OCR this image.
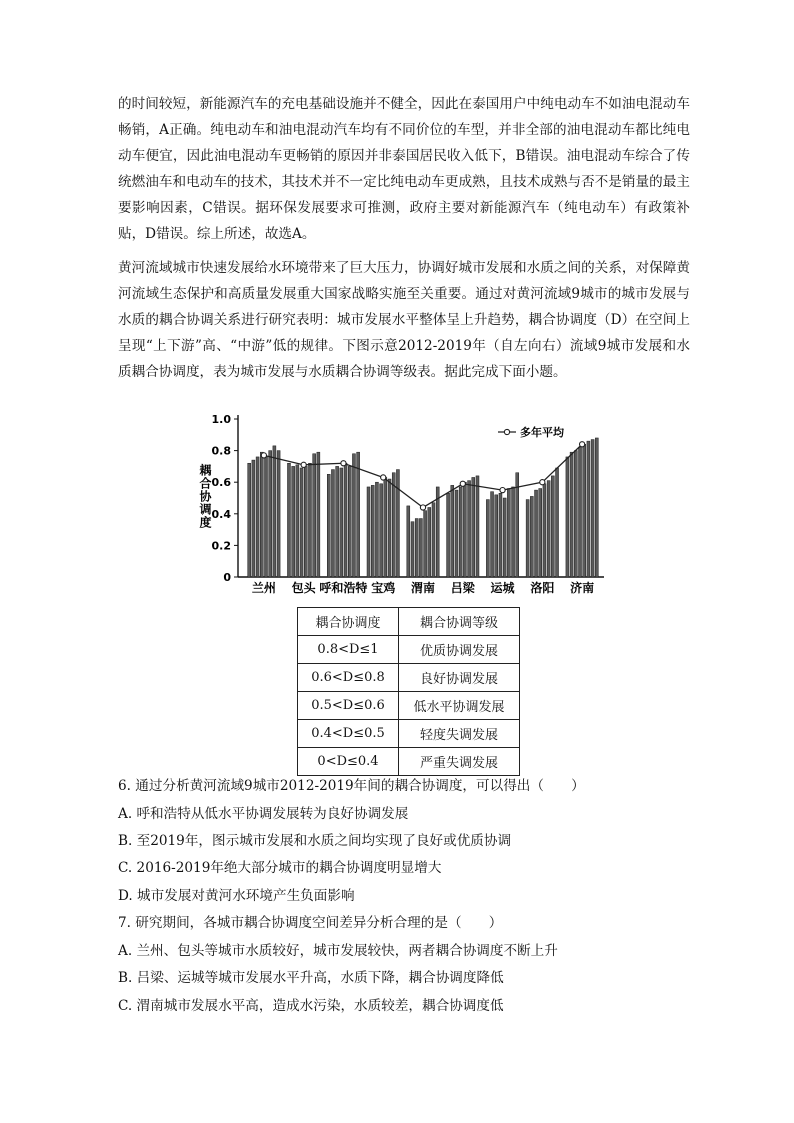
的时间较短，新能源汽车的充电基础设施并不健全，因此在泰国用户中纯电动车不如油电混动车畅销，A正确。纯电动车和油电混动汽车均有不同价位的车型，并非全部的油电混动车都比纯电动车便宜，因此油电混动车更畅销的原因并非泰国居民收入低下，B错误。油电混动车综合了传统燃油车和电动车的技术，其技术并不一定比纯电动车更成熟，且技术成熟与否不是销量的最主要影响因素，C错误。据环保发展要求可推测，政府主要对新能源汽车（纯电动车）有政策补贴，D错误。综上所述，故选A。

黄河流域城市快速发展给水环境带来了巨大压力，协调好城市发展和水质之间的关系，对保障黄河流域生态保护和高质量发展重大国家战略实施至关重要。通过对黄河流域9城市的城市发展与水质的耦合协调关系进行研究表明：城市发展水平整体呈上升趋势，耦合协调度（D）在空间上呈现“上下游”高、“中游”低的规律。下图示意2012-2019年（自左向右）流域9城市发展和水质耦合协调度，表为城市发展与水质耦合协调等级表。据此完成下面小题。

0
0.2
0.4
0.6
0.8
1.0
耦合协调度
兰州 包头 呼和浩特 宝鸡 渭南 吕梁 运城 洛阳 济南
多年平均
耦合协调度	耦合协调等级
0.8<D≤1	优质协调发展
0.6<D≤0.8	良好协调发展
0.5<D≤0.6	低水平协调发展
0.4<D≤0.5	轻度失调发展
0<D≤0.4	严重失调发展

6. 通过分析黄河流域9城市2012-2019年间的耦合协调度，可以得出（　　）

A. 呼和浩特从低水平协调发展转为良好协调发展

B. 至2019年，图示城市发展和水质之间均实现了良好或优质协调

C. 2016-2019年绝大部分城市的耦合协调度明显增大

D. 城市发展对黄河水环境产生负面影响

7. 研究期间，各城市耦合协调度空间差异分析合理的是（　　）

A. 兰州、包头等城市水质较好，城市发展较快，两者耦合协调度不断上升

B. 吕梁、运城等城市发展水平升高，水质下降，耦合协调度降低

C. 渭南城市发展水平高，造成水污染，水质较差，耦合协调度低
